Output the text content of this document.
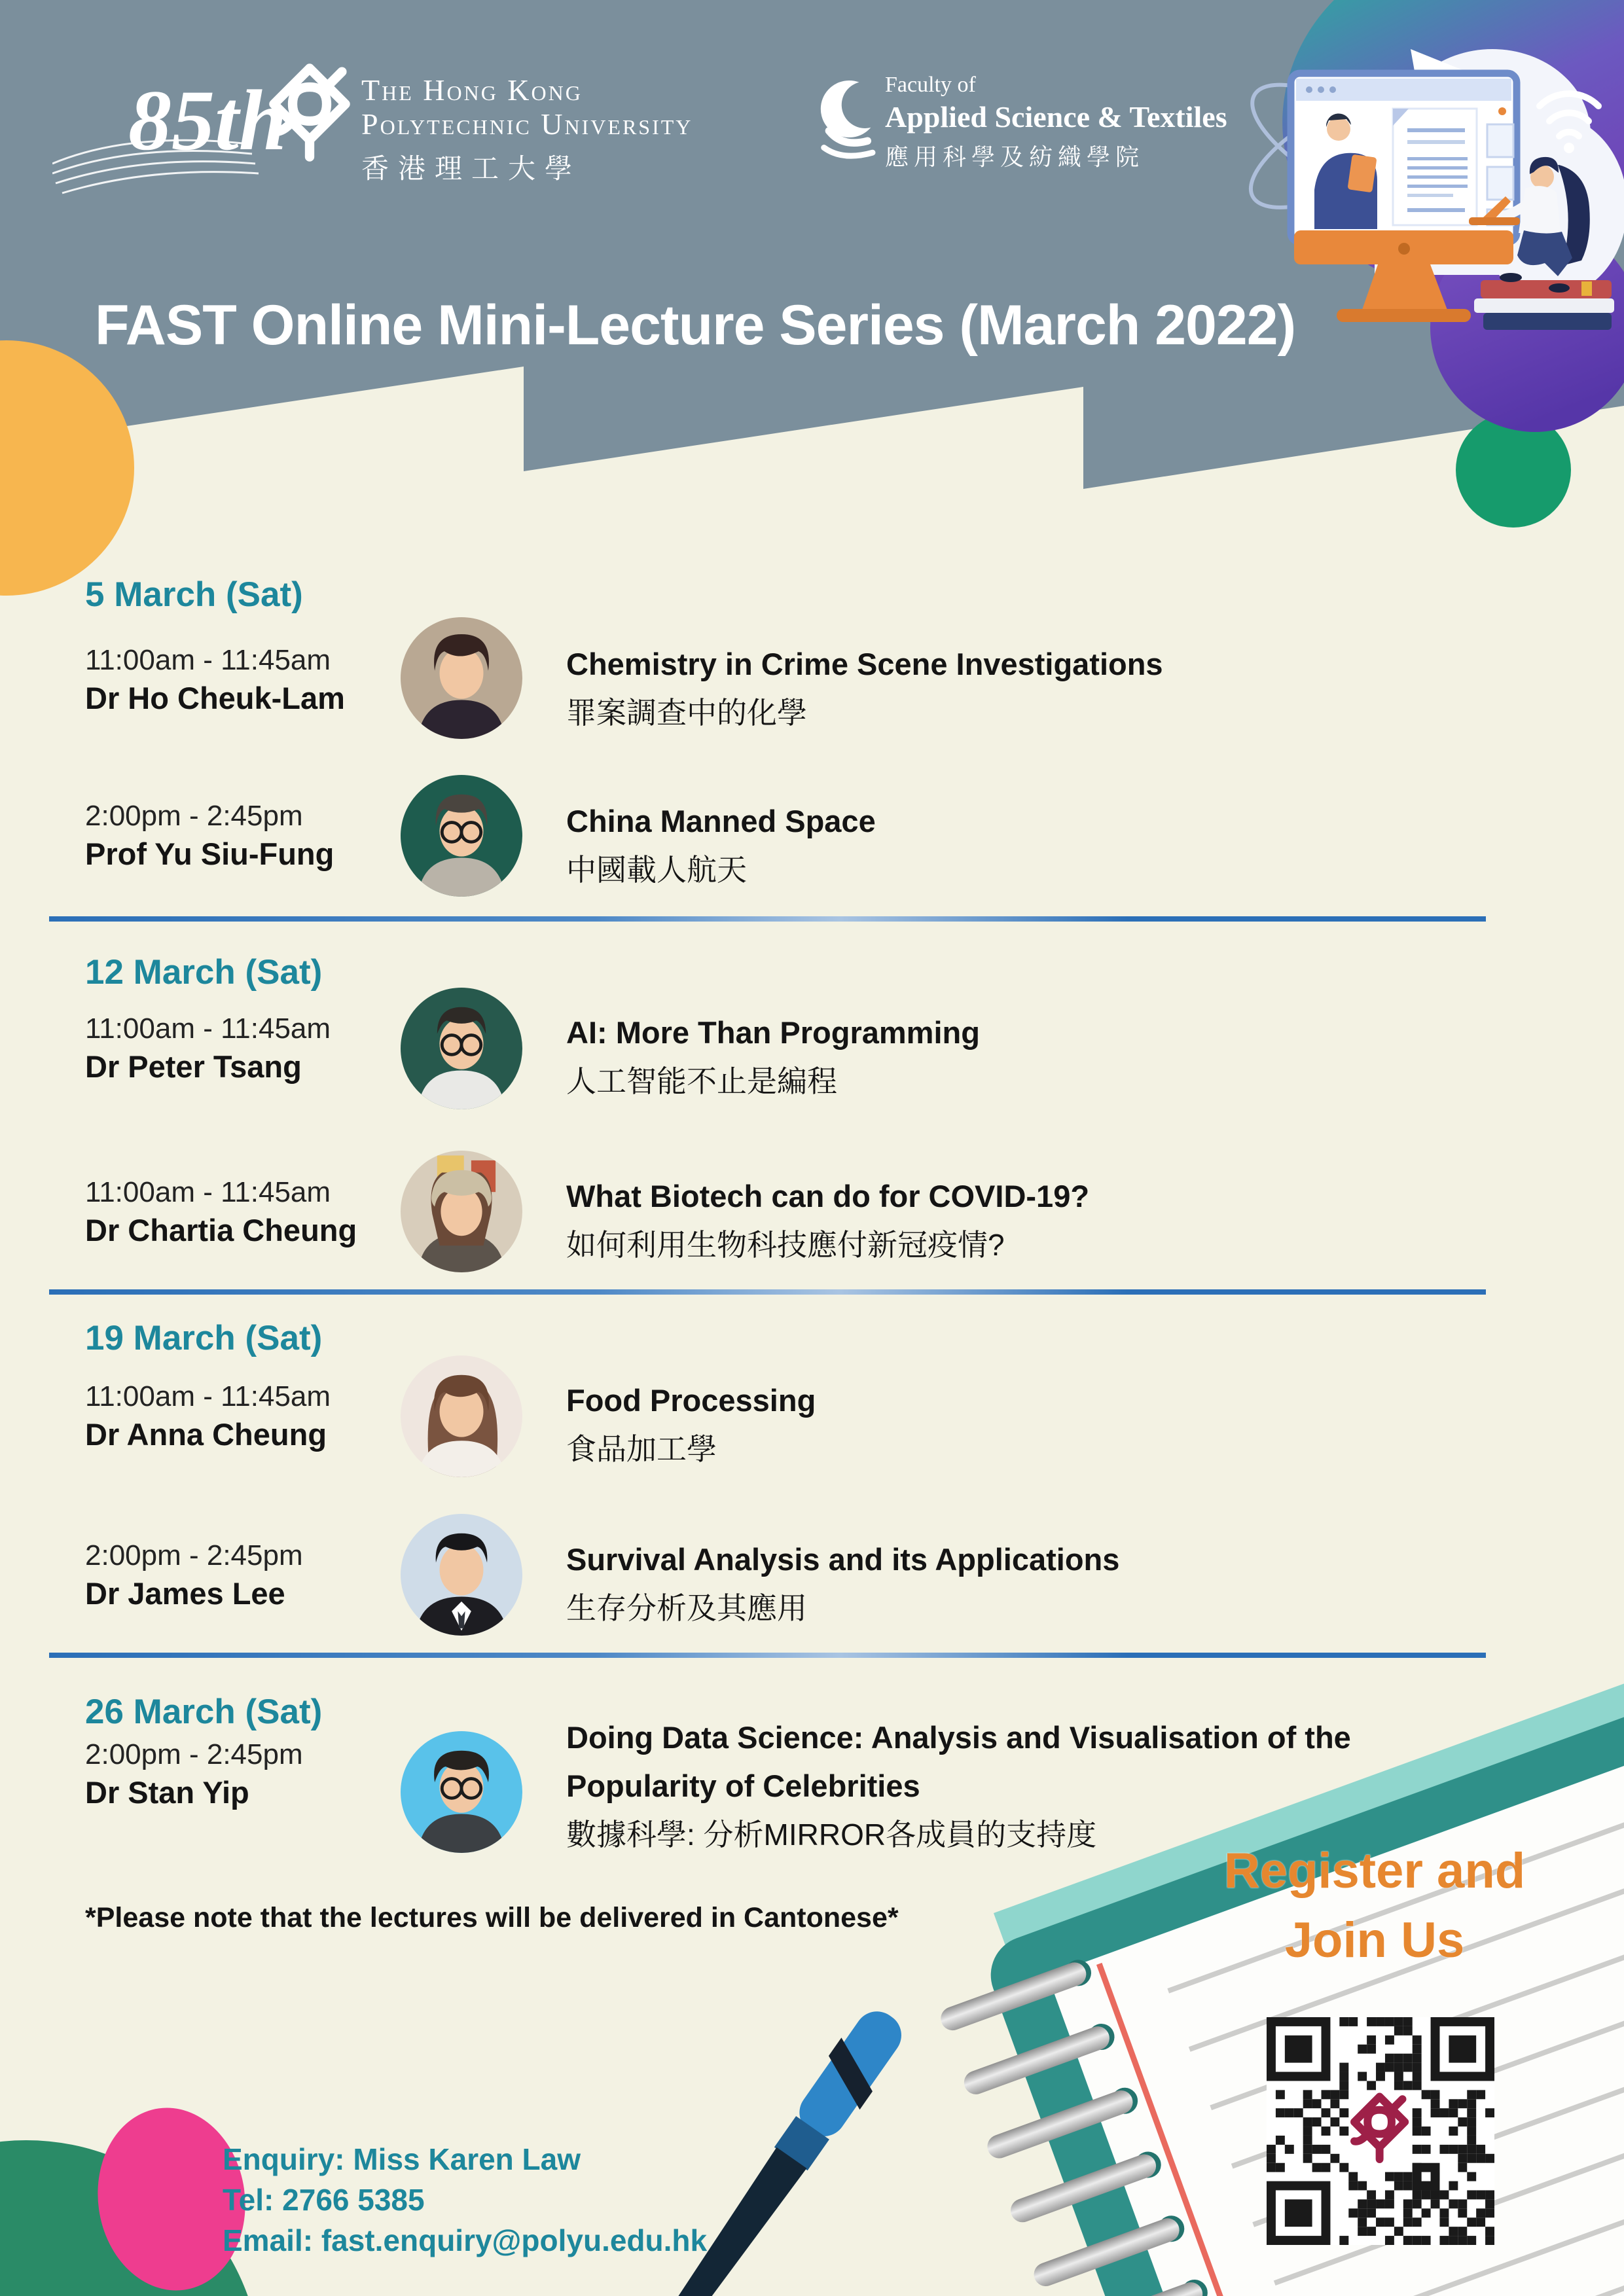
85th The Hong Kong
Polytechnic University
香港理工大學
Faculty of
Applied Science & Textiles
應用科學及紡織學院
FAST Online Mini-Lecture Series (March 2022)
5 March (Sat)
12 March (Sat)
19 March (Sat)
26 March (Sat)
11:00am - 11:45am
Dr Ho Cheuk-Lam
Chemistry in Crime Scene Investigations
罪案調查中的化學
2:00pm - 2:45pm
Prof Yu Siu-Fung
China Manned Space
中國載人航天
11:00am - 11:45am
Dr Peter Tsang
AI: More Than Programming
人工智能不止是編程
11:00am - 11:45am
Dr Chartia Cheung
What Biotech can do for COVID-19?
如何利用生物科技應付新冠疫情?
11:00am - 11:45am
Dr Anna Cheung
Food Processing
食品加工學
2:00pm - 2:45pm
Dr James Lee
Survival Analysis and its Applications
生存分析及其應用
2:00pm - 2:45pm
Dr Stan Yip
Doing Data Science: Analysis and Visualisation of the Popularity of Celebrities
數據科學: 分析MIRROR各成員的支持度
*Please note that the lectures will be delivered in Cantonese*
Register and
Join Us
Enquiry: Miss Karen Law
Tel: 2766 5385
Email: fast.enquiry@polyu.edu.hk
